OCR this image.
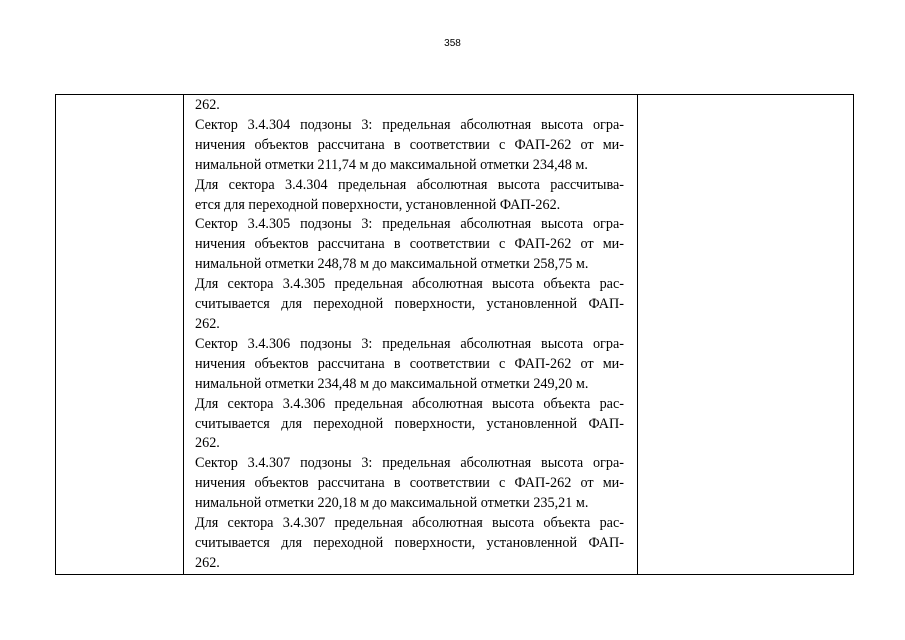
358

262.
Сектор 3.4.304 подзоны 3: предельная абсолютная высота огра-
ничения объектов рассчитана в соответствии с ФАП-262 от ми-
нимальной отметки 211,74 м до максимальной отметки 234,48 м.
Для сектора 3.4.304 предельная абсолютная высота рассчитыва-
ется для переходной поверхности, установленной ФАП-262.
Сектор 3.4.305 подзоны 3: предельная абсолютная высота огра-
ничения объектов рассчитана в соответствии с ФАП-262 от ми-
нимальной отметки 248,78 м до максимальной отметки 258,75 м.
Для сектора 3.4.305 предельная абсолютная высота объекта рас-
считывается для переходной поверхности, установленной ФАП-
262.
Сектор 3.4.306 подзоны 3: предельная абсолютная высота огра-
ничения объектов рассчитана в соответствии с ФАП-262 от ми-
нимальной отметки 234,48 м до максимальной отметки 249,20 м.
Для сектора 3.4.306 предельная абсолютная высота объекта рас-
считывается для переходной поверхности, установленной ФАП-
262.
Сектор 3.4.307 подзоны 3: предельная абсолютная высота огра-
ничения объектов рассчитана в соответствии с ФАП-262 от ми-
нимальной отметки 220,18 м до максимальной отметки 235,21 м.
Для сектора 3.4.307 предельная абсолютная высота объекта рас-
считывается для переходной поверхности, установленной ФАП-
262.
